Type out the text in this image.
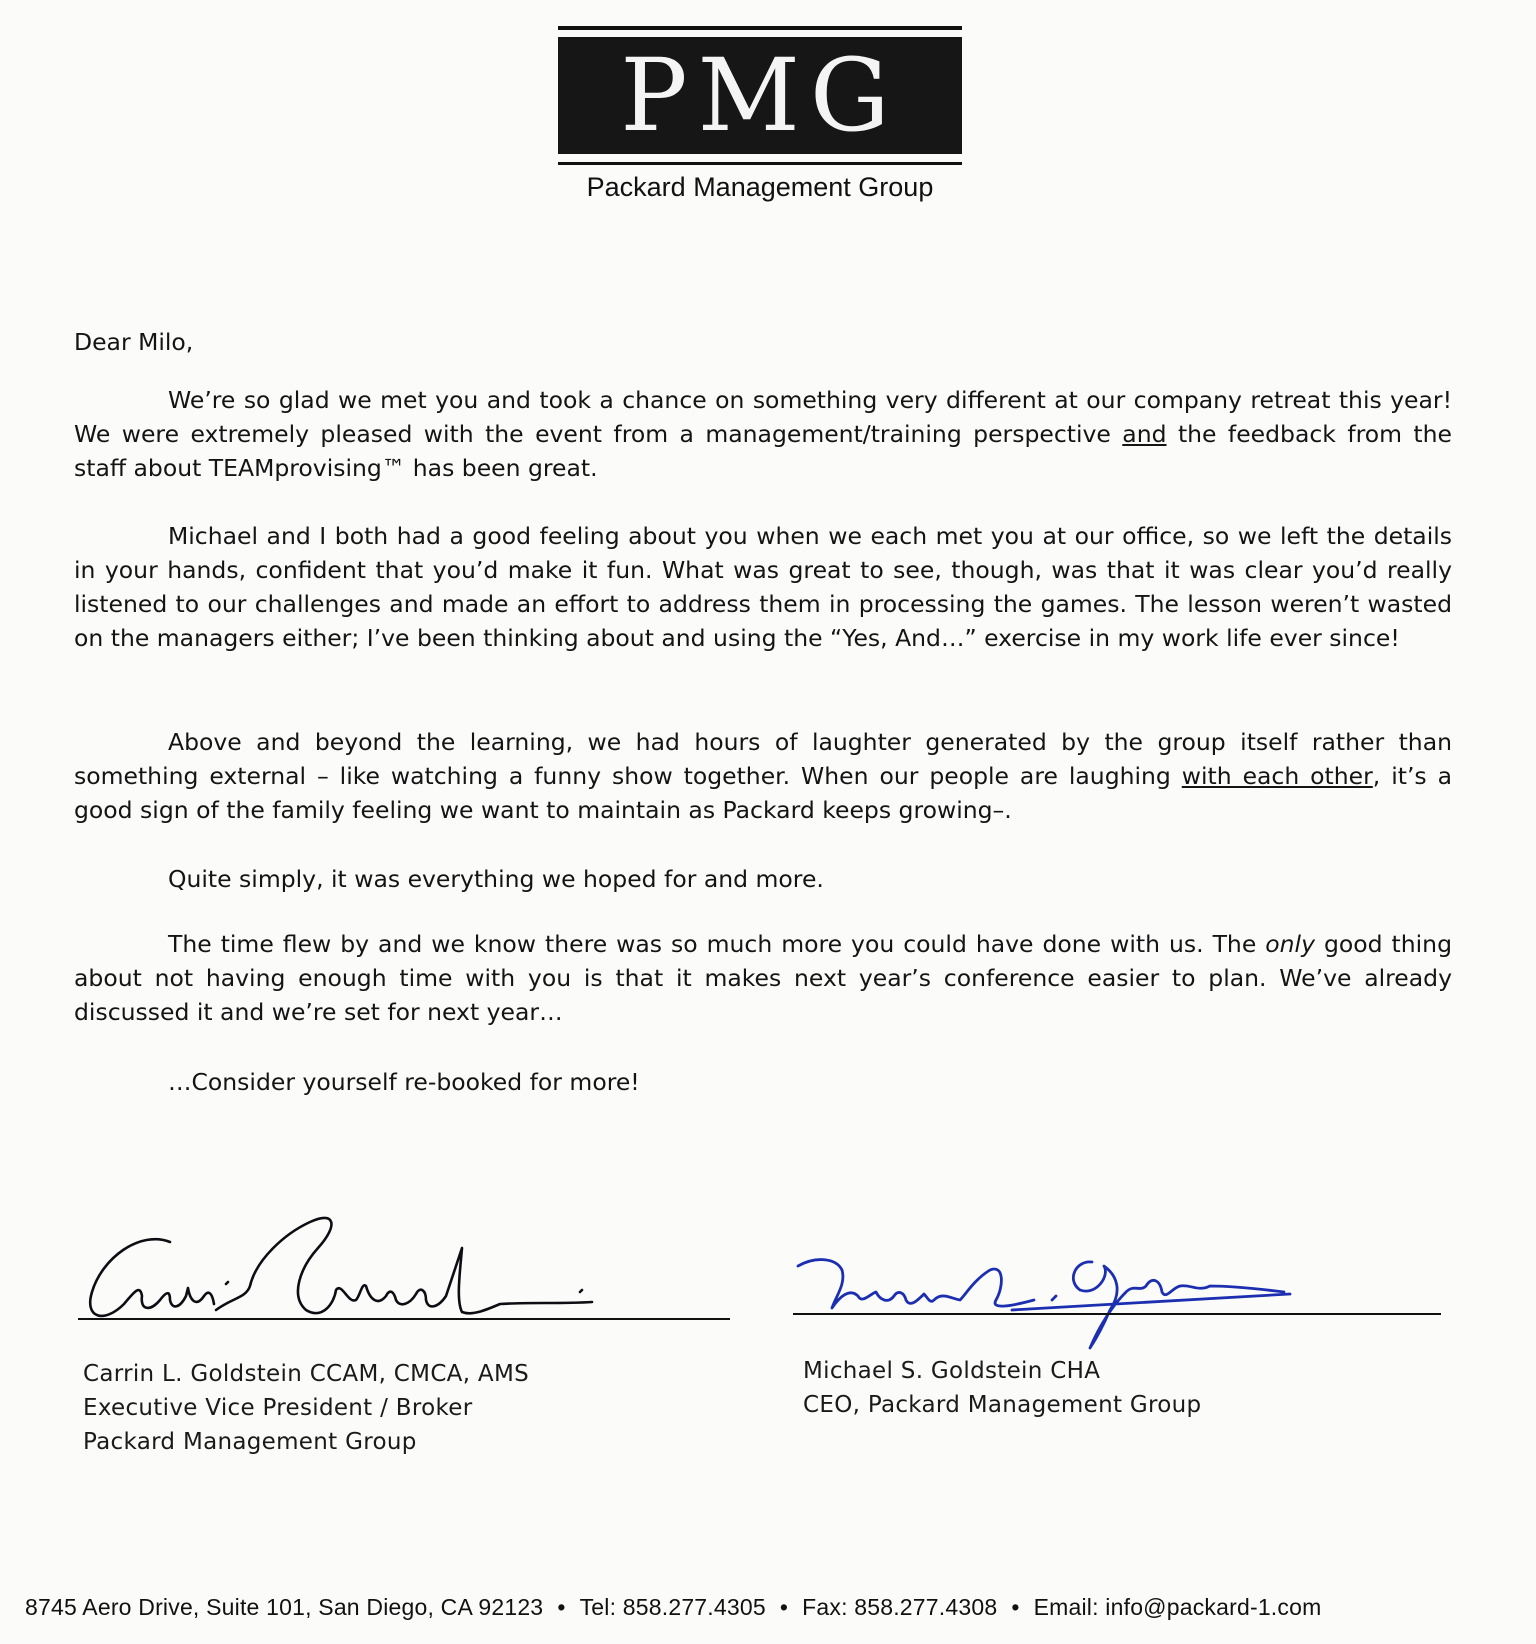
PMG
Packard Management Group
Dear Milo,

We’re so glad we met you and took a chance on something very different at our company retreat this year! We were extremely pleased with the event from a management/training perspective and the feedback from the staff about TEAMprovising™ has been great.

Michael and I both had a good feeling about you when we each met you at our office, so we left the details in your hands, confident that you’d make it fun. What was great to see, though, was that it was clear you’d really listened to our challenges and made an effort to address them in processing the games. The lesson weren’t wasted on the managers either; I’ve been thinking about and using the “Yes, And…” exercise in my work life ever since!

Above and beyond the learning, we had hours of laughter generated by the group itself rather than something external – like watching a funny show together. When our people are laughing with each other, it’s a good sign of the family feeling we want to maintain as Packard keeps growing–.

Quite simply, it was everything we hoped for and more.

The time flew by and we know there was so much more you could have done with us. The only good thing about not having enough time with you is that it makes next year’s conference easier to plan. We’ve already discussed it and we’re set for next year…

…Consider yourself re-booked for more!

Carrin L. Goldstein CCAM, CMCA, AMS
Executive Vice President / Broker
Packard Management Group
Michael S. Goldstein CHA
CEO, Packard Management Group
8745 Aero Drive, Suite 101, San Diego, CA 92123 • Tel: 858.277.4305 • Fax: 858.277.4308 • Email: info@packard-1.com
